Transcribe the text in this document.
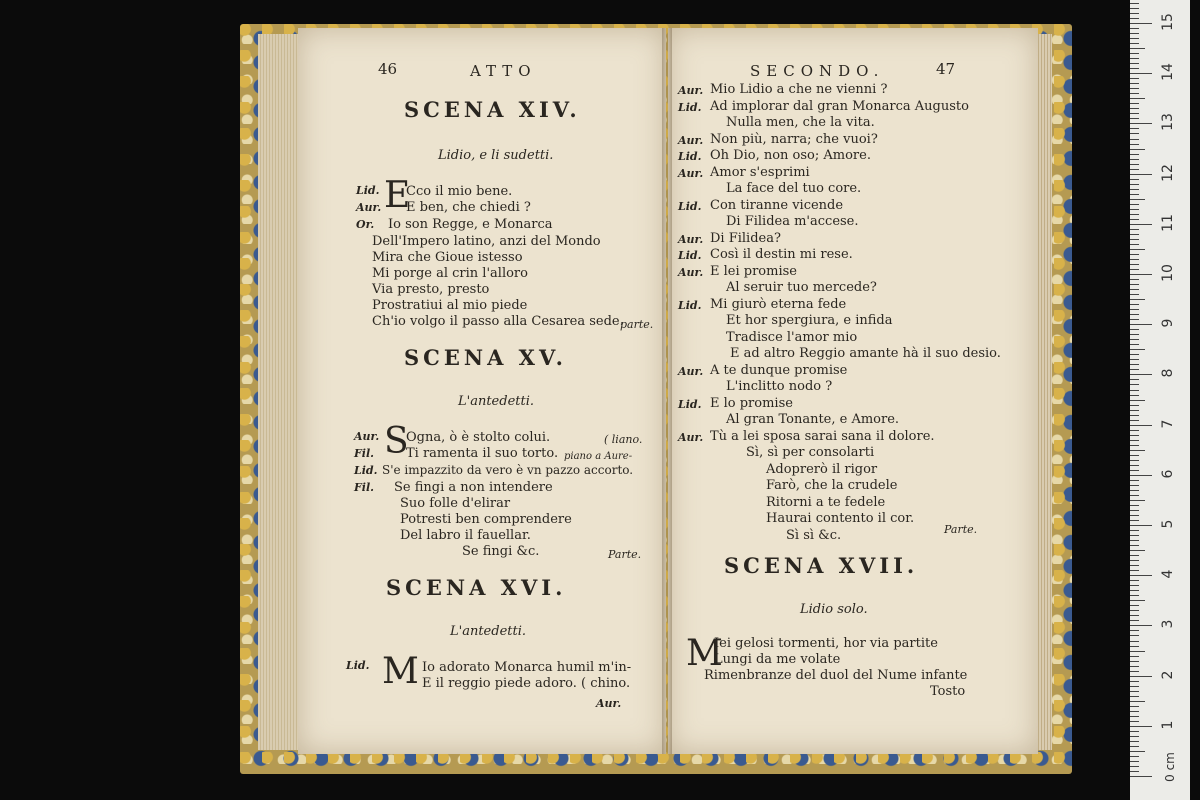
46	ATTO
SCENA XIV.
Lidio, e li sudetti.
Lid. E
Cco il mio bene.
Aur. E ben, che chiedi ?
Or. Io son Regge, e Monarca
Dell'Impero latino, anzi del Mondo
Mira che Gioue istesso
Mi porge al crin l'alloro
Via presto, presto
Prostratiui al mio piede
Ch'io volgo il passo alla Cesarea sede.
parte.
SCENA XV.
L'antedetti.
Aur. S
Ogna, ò è stolto colui.	( liano.
Fil. Ti ramenta il suo torto. piano a Aure-
Lid. S'e impazzito da vero è vn pazzo accorto.
Fil. Se fingi a non intendere
Suo folle d'elirar
Potresti ben comprendere
Del labro il fauellar.
Se fingi &c.	Parte.
SCENA XVI.
L'antedetti.
Lid. M Io adorato Monarca humil m'in-
E il reggio piede adoro. ( chino.
Aur.
SECONDO.	47
Aur. Mio Lidio a che ne vienni ?
Lid. Ad implorar dal gran Monarca Augusto
Nulla men, che la vita.
Aur. Non più, narra; che vuoi?
Lid. Oh Dio, non oso; Amore.
Aur. Amor s'esprimi
La face del tuo core.
Lid. Con tiranne vicende
Di Filidea m'accese.
Aur. Di Filidea?
Lid. Così il destin mi rese.
Aur. E lei promise
Al seruir tuo mercede?
Lid. Mi giurò eterna fede
Et hor spergiura, e infida
Tradisce l'amor mio
E ad altro Reggio amante hà il suo desio.
Aur. A te dunque promise
L'inclitto nodo ?
Lid. E lo promise
Al gran Tonante, e Amore.
Aur. Tù a lei sposa sarai sana il dolore.
Sì, sì per consolarti
Adoprerò il rigor
Farò, che la crudele
Ritorni a te fedele
Haurai contento il cor.
Sì sì &c.	Parte.
SCENA XVII.
Lidio solo.
M
Iei gelosi tormenti, hor via partite
Lungi da me volate
Rimenbranze del duol del Nume infante
Tosto
1
2
3
4
5
6
7
8
9
10
11
12
13
14
15
0 cm
